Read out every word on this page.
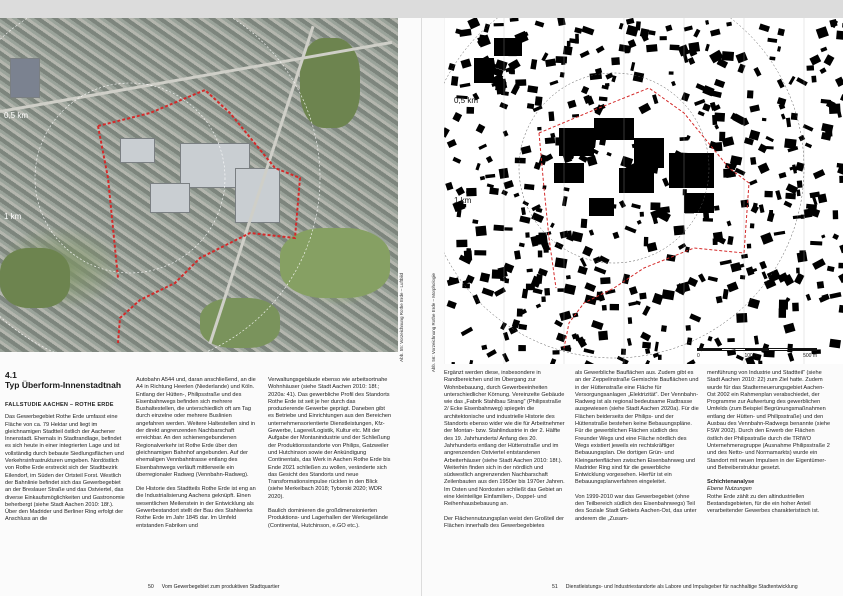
0,5 km
1 km
Abb. 55: Vorzeichnung Rothe Erde – Luftbild
4.1
Typ Überform-Innenstadtnah
FALLSTUDIE AACHEN – ROTHE ERDE

Das Gewerbegebiet Rothe Erde umfasst eine Fläche von ca. 79 Hektar und liegt im gleichnamigen Stadtteil östlich der Aachener Innenstadt. Ehemals in Stadtrandlage, befindet es sich heute in einer integrierten Lage und ist vollständig durch bebaute Siedlungsflächen und Verkehrsinfrastrukturen umgeben. Nordöstlich von Rothe Erde erstreckt sich der Stadtbezirk Eilendorf, im Süden der Ortsteil Forst. Westlich der Bahnlinie befindet sich das Gewerbegebiet an der Breslauer Straße und das Ostviertel, das diverse Einkaufsmöglichkeiten und Gastronomie beherbergt (siehe Stadt Aachen 2010: 18f.). Über den Madrider und Berliner Ring erfolgt der Anschluss an die

Autobahn A544 und, daran anschließend, an die A4 in Richtung Heerlen (Niederlande) und Köln. Entlang der Hütten-, Philipsstraße und des Eisenbahnwegs befinden sich mehrere Bushaltestellen, die unterschiedlich oft am Tag durch einzelne oder mehrere Buslinien angefahren werden. Weitere Haltestellen sind in der direkt angrenzenden Nachbarschaft erreichbar. An den schienengebundenen Regionalverkehr ist Rothe Erde über den gleichnamigen Bahnhof angebunden. Auf der ehemaligen Vennbahntrasse entlang des Eisenbahnwegs verläuft mittlerweile ein überregionaler Radweg (Vennbahn-Radweg).

Die Historie des Stadtteils Rothe Erde ist eng an die Industrialisierung Aachens geknüpft. Einen wesentlichen Meilenstein in der Entwicklung als Gewerbestandort stellt der Bau des Stahlwerks Rothe Erde im Jahr 1845 dar. Im Umfeld entstanden Fabriken und

Verwaltungsgebäude ebenso wie arbeitsortnahe Wohnhäuser (siehe Stadt Aachen 2010: 18f.; 2020a: 41). Das gewerbliche Profil des Standorts Rothe Erde ist seit je her durch das produzierende Gewerbe geprägt. Daneben gibt es Betriebe und Einrichtungen aus den Bereichen unternehmensorientierte Dienstleistungen, Kfz-Gewerbe, Lagerei/Logistik, Kultur etc. Mit der Aufgabe der Montanindustrie und der Schließung der Produktionsstandorte von Philips, Gatzweiler und Hutchinson sowie der Ankündigung Continentals, das Werk in Aachen Rothe Erde bis Ende 2021 schließen zu wollen, veränderte sich das Gesicht des Standorts und neue Transformationsimpulse rückten in den Blick (siehe Merkelbach 2018; Tyborski 2020; WDR 2020).

Baulich dominieren die großdimensionierten Produktions- und Lagerhallen der Werksgelände (Continental, Hutchinson, e.GO etc.).

50 Vom Gewerbegebiet zum produktiven Stadtquartier
Abb. 56: Vorzeichnung Rothe Erde – Morphologie
0,5 km
1 km
0	100 m	500 m

Ergänzt werden diese, insbesondere in Randbereichen und im Übergang zur Wohnbebauung, durch Gewerbeeinheiten unterschiedlicher Körnung. Vereinzelte Gebäude wie das „Fabrik Stahlbau Strang“ (Philipsstraße 2/ Ecke Eisenbahnweg) spiegeln die architektonische und industrielle Historie des Standorts ebenso wider wie die für Arbeitnehmer der Montan- bzw. Stahlindustrie in der 2. Hälfte des 19. Jahrhunderts/ Anfang des 20. Jahrhunderts entlang der Hüttenstraße und im angrenzenden Ostviertel entstandenen Arbeiterhäuser (siehe Stadt Aachen 2010: 18f.). Weiterhin finden sich in der nördlich und südwestlich angrenzenden Nachbarschaft Zeilenbauten aus den 1950er bis 1970er Jahren. Im Osten und Nordosten schließt das Gebiet an eine kleinteilige Einfamilien-, Doppel- und Reihenhausbebauung an.

Der Flächennutzungsplan weist den Großteil der Flächen innerhalb des Gewerbegebietes

als Gewerbliche Bauflächen aus. Zudem gibt es an der Zeppelinstraße Gemischte Bauflächen und in der Hüttenstraße eine Fläche für Versorgungsanlagen „Elektrizität“. Der Vennbahn-Radweg ist als regional bedeutsame Radtrasse ausgewiesen (siehe Stadt Aachen 2020a). Für die Flächen beiderseits der Philips- und der Hüttenstraße bestehen keine Bebauungspläne. Für die gewerblichen Flächen südlich des Freunder Wegs und eine Fläche nördlich des Wegs existiert jeweils ein rechtskräftiger Bebauungsplan. Die dortigen Grün- und Kleingartenflächen zwischen Eisenbahnweg und Madrider Ring sind für die gewerbliche Entwicklung vorgesehen. Hierfür ist ein Bebauungsplanverfahren eingeleitet.

Von 1999-2010 war das Gewerbegebiet (ohne den Teilbereich südlich des Eisenbahnwegs) Teil des Soziale Stadt Gebiets Aachen-Ost, das unter anderem die „Zusam-

menführung von Industrie und Stadtteil“ (siehe Stadt Aachen 2010: 22) zum Ziel hatte. Zudem wurde für das Stadterneuerungsgebiet Aachen-Ost 2002 ein Rahmenplan verabschiedet, der Programme zur Aufwertung des gewerblichen Umfelds (zum Beispiel Begrünungsmaßnahmen entlang der Hütten- und Philipsstraße) und den Ausbau des Vennbahn-Radwegs benannte (siehe FSW 2002). Durch den Erwerb der Flächen östlich der Philipsstraße durch die TRIWO Unternehmensgruppe (Ausnahme Philipsstraße 2 und des Netto- und Normamarkts) wurde ein Standort mit neuen Impulsen in der Eigentümer- und Betreiberstruktur gesetzt.

Schichtenanalyse
Ebene Nutzungen

Rothe Erde zählt zu den altindustriellen Bestandsgebieten, für die ein hoher Anteil verarbeitender Gewerbes charakteristisch ist.

51 Dienstleistungs- und Industriestandorte als Labore und Impulsgeber für nachhaltige Stadtentwicklung
